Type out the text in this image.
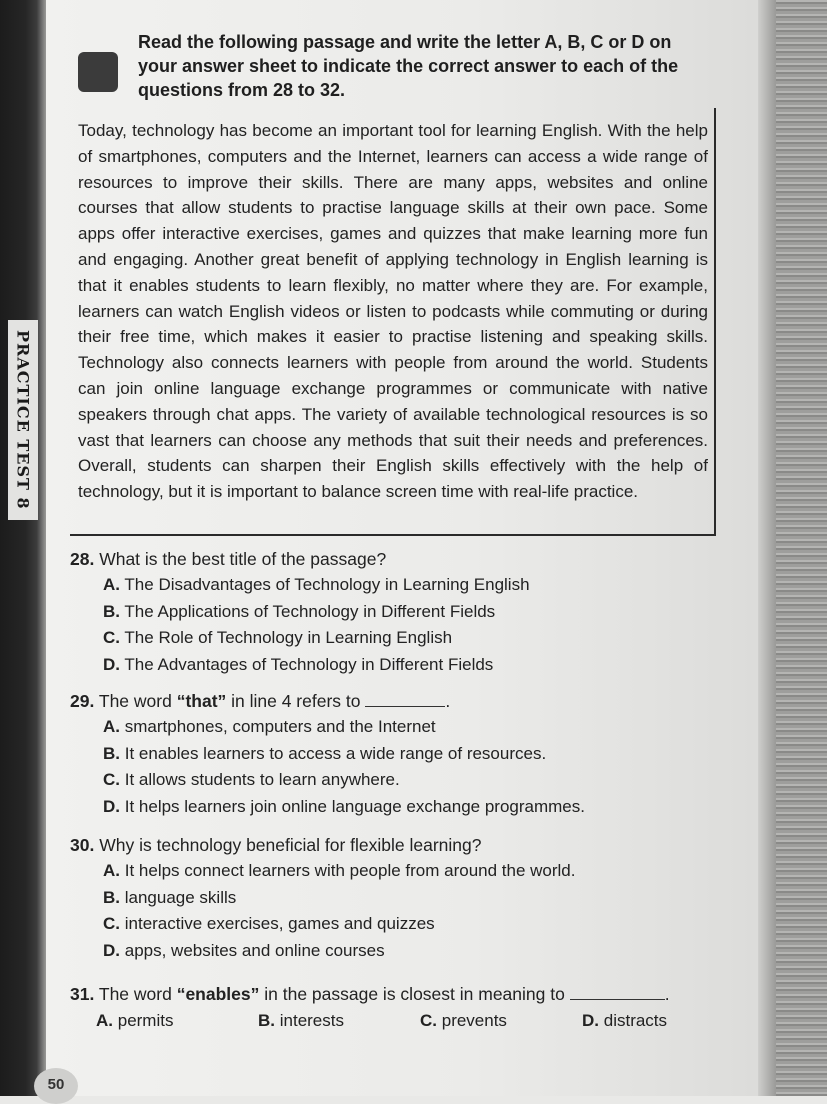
PRACTICE TEST 8
Read the following passage and write the letter A, B, C or D on your answer sheet to indicate the correct answer to each of the questions from 28 to 32.
Today, technology has become an important tool for learning English. With the help of smartphones, computers and the Internet, learners can access a wide range of resources to improve their skills. There are many apps, websites and online courses that allow students to practise language skills at their own pace. Some apps offer interactive exercises, games and quizzes that make learning more fun and engaging. Another great benefit of applying technology in English learning is that it enables students to learn flexibly, no matter where they are. For example, learners can watch English videos or listen to podcasts while commuting or during their free time, which makes it easier to practise listening and speaking skills. Technology also connects learners with people from around the world. Students can join online language exchange programmes or communicate with native speakers through chat apps. The variety of available technological resources is so vast that learners can choose any methods that suit their needs and preferences. Overall, students can sharpen their English skills effectively with the help of technology, but it is important to balance screen time with real-life practice.
28. What is the best title of the passage?
A. The Disadvantages of Technology in Learning English
B. The Applications of Technology in Different Fields
C. The Role of Technology in Learning English
D. The Advantages of Technology in Different Fields
29. The word “that” in line 4 refers to	.
A. smartphones, computers and the Internet
B. It enables learners to access a wide range of resources.
C. It allows students to learn anywhere.
D. It helps learners join online language exchange programmes.
30. Why is technology beneficial for flexible learning?
A. It helps connect learners with people from around the world.
B. language skills
C. interactive exercises, games and quizzes
D. apps, websites and online courses
31. The word “enables” in the passage is closest in meaning to	.
A. permits	B. interests	C. prevents	D. distracts
50
